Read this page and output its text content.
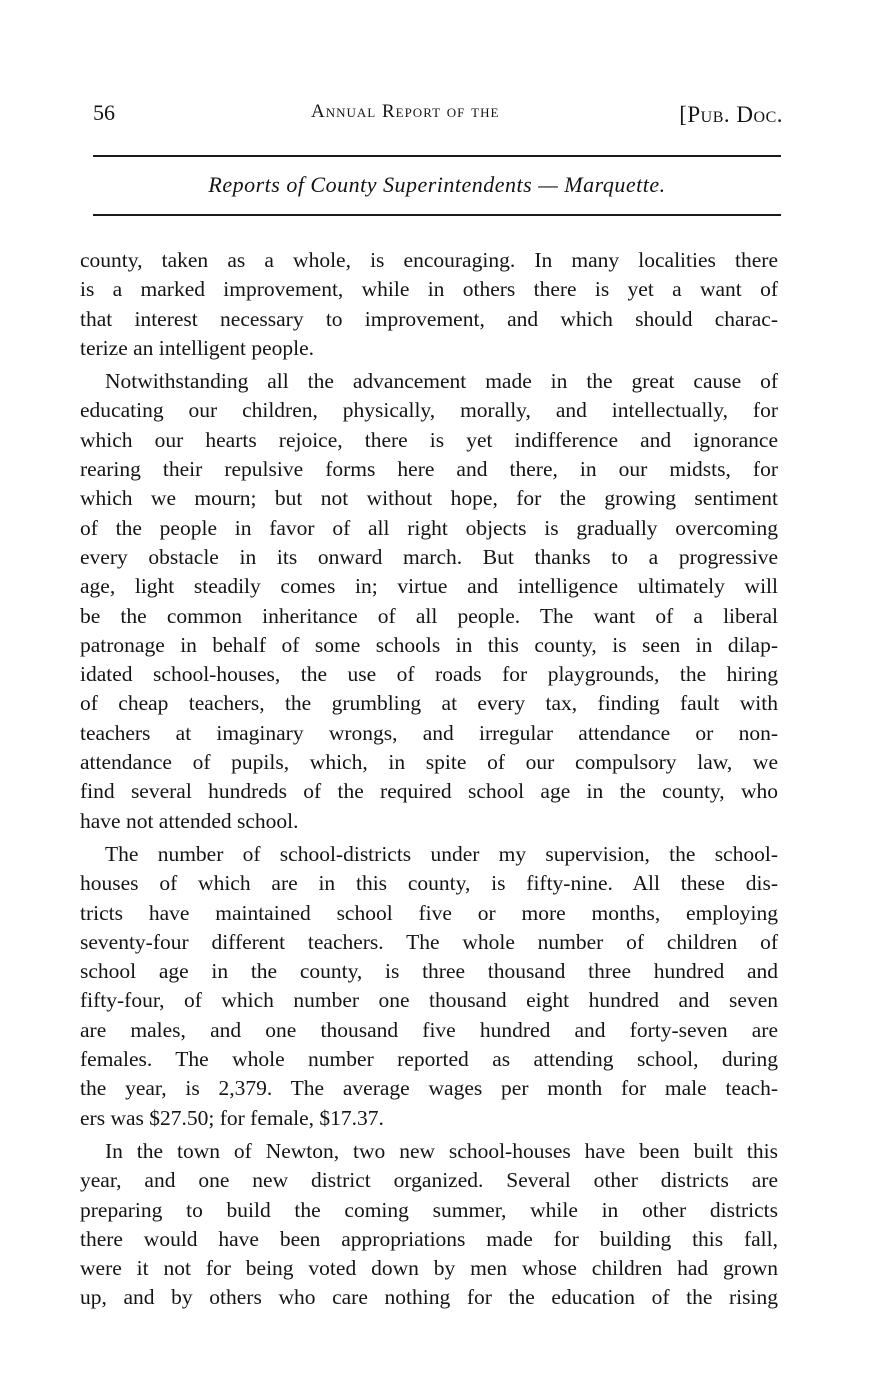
56	Annual Report of the	[Pub. Doc.
Reports of County Superintendents — Marquette.
county, taken as a whole, is encouraging. In many localities there
is a marked improvement, while in others there is yet a want of
that interest necessary to improvement, and which should charac-
terize an intelligent people.
Notwithstanding all the advancement made in the great cause of
educating our children, physically, morally, and intellectually, for
which our hearts rejoice, there is yet indifference and ignorance
rearing their repulsive forms here and there, in our midsts, for
which we mourn; but not without hope, for the growing sentiment
of the people in favor of all right objects is gradually overcoming
every obstacle in its onward march. But thanks to a progressive
age, light steadily comes in; virtue and intelligence ultimately will
be the common inheritance of all people. The want of a liberal
patronage in behalf of some schools in this county, is seen in dilap-
idated school-houses, the use of roads for playgrounds, the hiring
of cheap teachers, the grumbling at every tax, finding fault with
teachers at imaginary wrongs, and irregular attendance or non-
attendance of pupils, which, in spite of our compulsory law, we
find several hundreds of the required school age in the county, who
have not attended school.
The number of school-districts under my supervision, the school-
houses of which are in this county, is fifty-nine. All these dis-
tricts have maintained school five or more months, employing
seventy-four different teachers. The whole number of children of
school age in the county, is three thousand three hundred and
fifty-four, of which number one thousand eight hundred and seven
are males, and one thousand five hundred and forty-seven are
females. The whole number reported as attending school, during
the year, is 2,379. The average wages per month for male teach-
ers was $27.50; for female, $17.37.
In the town of Newton, two new school-houses have been built this
year, and one new district organized. Several other districts are
preparing to build the coming summer, while in other districts
there would have been appropriations made for building this fall,
were it not for being voted down by men whose children had grown
up, and by others who care nothing for the education of the rising
